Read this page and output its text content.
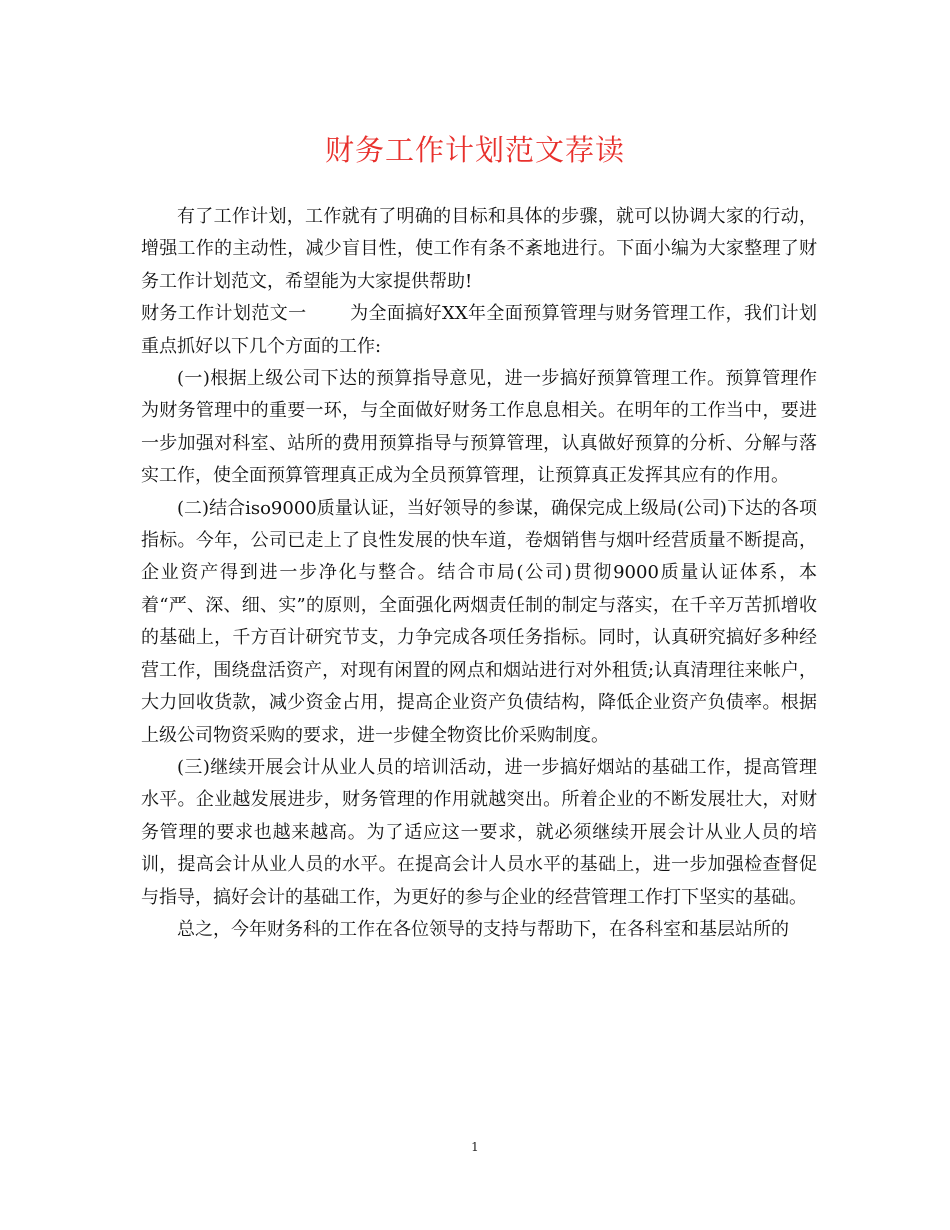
财务工作计划范文荐读

有了工作计划，工作就有了明确的目标和具体的步骤，就可以协调大家的行动，增强工作的主动性，减少盲目性，使工作有条不紊地进行。下面小编为大家整理了财务工作计划范文，希望能为大家提供帮助!

财务工作计划范文一 为全面搞好XX年全面预算管理与财务管理工作，我们计划重点抓好以下几个方面的工作:

(一)根据上级公司下达的预算指导意见，进一步搞好预算管理工作。预算管理作为财务管理中的重要一环，与全面做好财务工作息息相关。在明年的工作当中，要进一步加强对科室、站所的费用预算指导与预算管理，认真做好预算的分析、分解与落实工作，使全面预算管理真正成为全员预算管理，让预算真正发挥其应有的作用。

(二)结合iso9000质量认证，当好领导的参谋，确保完成上级局(公司)下达的各项指标。今年，公司已走上了良性发展的快车道，卷烟销售与烟叶经营质量不断提高，企业资产得到进一步净化与整合。结合市局(公司)贯彻9000质量认证体系，本着“严、深、细、实”的原则，全面强化两烟责任制的制定与落实，在千辛万苦抓增收的基础上，千方百计研究节支，力争完成各项任务指标。同时，认真研究搞好多种经营工作，围绕盘活资产，对现有闲置的网点和烟站进行对外租赁;认真清理往来帐户，大力回收货款，减少资金占用，提高企业资产负债结构，降低企业资产负债率。根据上级公司物资采购的要求，进一步健全物资比价采购制度。

(三)继续开展会计从业人员的培训活动，进一步搞好烟站的基础工作，提高管理水平。企业越发展进步，财务管理的作用就越突出。所着企业的不断发展壮大，对财务管理的要求也越来越高。为了适应这一要求，就必须继续开展会计从业人员的培训，提高会计从业人员的水平。在提高会计人员水平的基础上，进一步加强检查督促与指导，搞好会计的基础工作，为更好的参与企业的经营管理工作打下坚实的基础。

总之，今年财务科的工作在各位领导的支持与帮助下，在各科室和基层站所的

1
